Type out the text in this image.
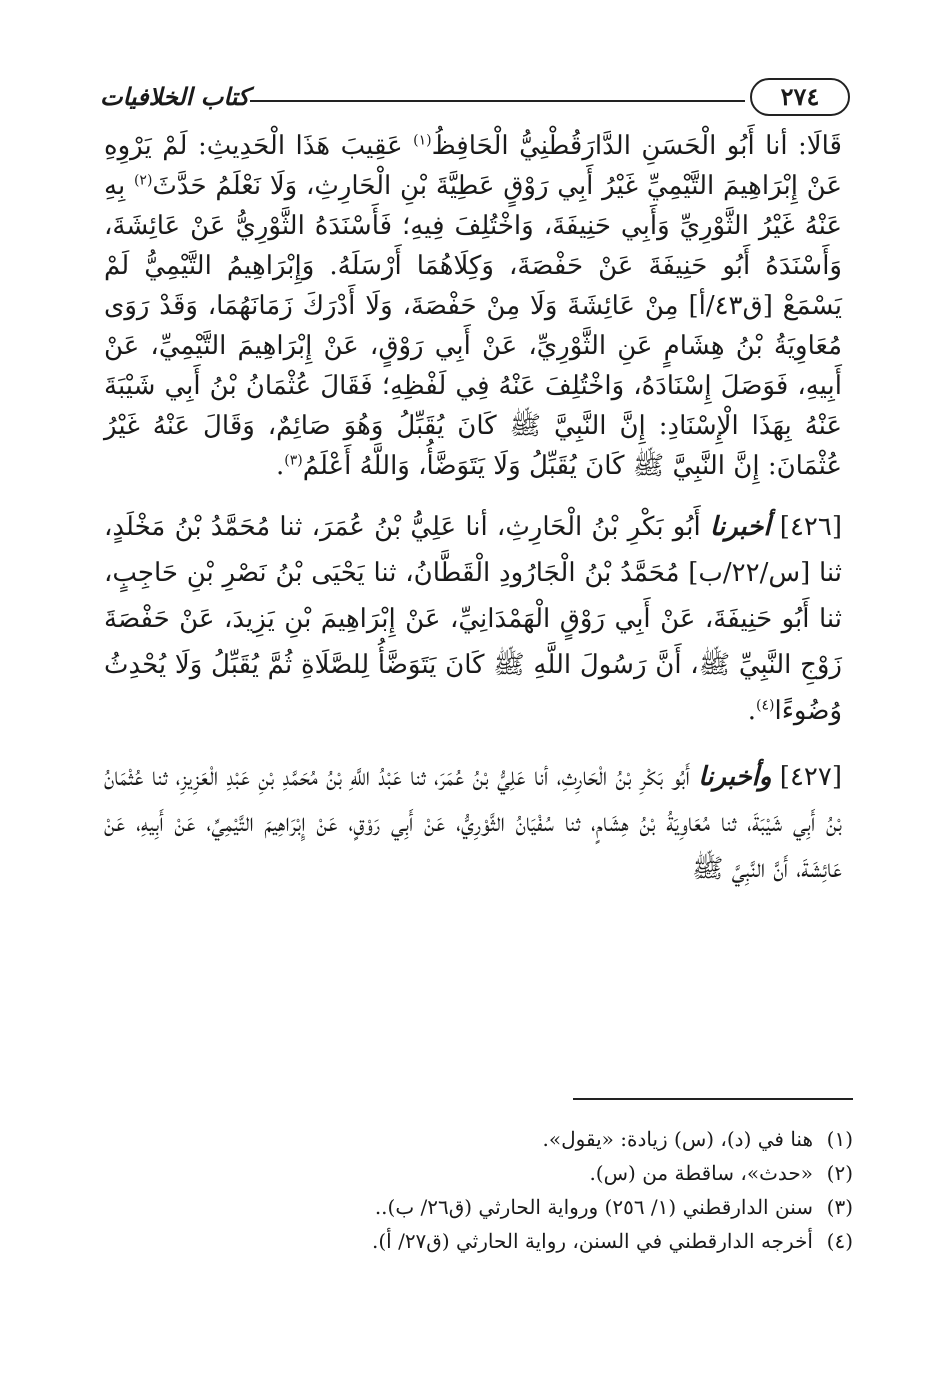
كتاب الخلافيات	٢٧٤

قَالَا: أنا أَبُو الْحَسَنِ الدَّارَقُطْنِيُّ الْحَافِظُ$^{(١)}$ عَقِيبَ هَذَا الْحَدِيثِ: لَمْ يَرْوِهِ عَنْ إِبْرَاهِيمَ التَّيْمِيِّ غَيْرُ أَبِي رَوْقٍ عَطِيَّةَ بْنِ الْحَارِثِ، وَلَا نَعْلَمُ حَدَّثَ$^{(٢)}$ بِهِ عَنْهُ غَيْرُ الثَّوْرِيِّ وَأَبِي حَنِيفَةَ، وَاخْتُلِفَ فِيهِ؛ فَأَسْنَدَهُ الثَّوْرِيُّ عَنْ عَائِشَةَ، وَأَسْنَدَهُ أَبُو حَنِيفَةَ عَنْ حَفْصَةَ، وَكِلَاهُمَا أَرْسَلَهُ. وَإِبْرَاهِيمُ التَّيْمِيُّ لَمْ يَسْمَعْ [ق٤٣/أ] مِنْ عَائِشَةَ وَلَا مِنْ حَفْصَةَ، وَلَا أَدْرَكَ زَمَانَهُمَا، وَقَدْ رَوَى مُعَاوِيَةُ بْنُ هِشَامٍ عَنِ الثَّوْرِيِّ، عَنْ أَبِي رَوْقٍ، عَنْ إِبْرَاهِيمَ التَّيْمِيِّ، عَنْ أَبِيهِ، فَوَصَلَ إِسْنَادَهُ، وَاخْتُلِفَ عَنْهُ فِي لَفْظِهِ؛ فَقَالَ عُثْمَانُ بْنُ أَبِي شَيْبَةَ عَنْهُ بِهَذَا الْإِسْنَادِ: إِنَّ النَّبِيَّ ﷺ كَانَ يُقَبِّلُ وَهُوَ صَائِمٌ، وَقَالَ عَنْهُ غَيْرُ عُثْمَانَ: إِنَّ النَّبِيَّ ﷺ كَانَ يُقَبِّلُ وَلَا يَتَوَضَّأُ، وَاللَّهُ أَعْلَمُ$^{(٣)}$.

[٤٢٦] أخبرنا أَبُو بَكْرِ بْنُ الْحَارِثِ، أنا عَلِيُّ بْنُ عُمَرَ، ثنا مُحَمَّدُ بْنُ مَخْلَدٍ، ثنا [س/٢٢/ب] مُحَمَّدُ بْنُ الْجَارُودِ الْقَطَّانُ، ثنا يَحْيَى بْنُ نَصْرِ بْنِ حَاجِبٍ، ثنا أَبُو حَنِيفَةَ، عَنْ أَبِي رَوْقٍ الْهَمْدَانِيِّ، عَنْ إِبْرَاهِيمَ بْنِ يَزِيدَ، عَنْ حَفْصَةَ زَوْجِ النَّبِيِّ ﷺ، أَنَّ رَسُولَ اللَّهِ ﷺ كَانَ يَتَوَضَّأُ لِلصَّلَاةِ ثُمَّ يُقَبِّلُ وَلَا يُحْدِثُ وُضُوءًا$^{(٤)}$.

[٤٢٧] وأخبرنا أَبُو بَكْرِ بْنُ الْحَارِثِ، أنا عَلِيُّ بْنُ عُمَرَ، ثنا عَبْدُ اللَّهِ بْنُ مُحَمَّدِ بْنِ عَبْدِ الْعَزِيزِ، ثنا عُثْمَانُ بْنُ أَبِي شَيْبَةَ، ثنا مُعَاوِيَةُ بْنُ هِشَامٍ، ثنا سُفْيَانُ الثَّوْرِيُّ، عَنْ أَبِي رَوْقٍ، عَنْ إِبْرَاهِيمَ التَّيْمِيِّ، عَنْ أَبِيهِ، عَنْ عَائِشَةَ، أَنَّ النَّبِيَّ ﷺ

(١)هنا في (د)، (س) زيادة: «يقول».
(٢)«حدث»، ساقطة من (س).
(٣)سنن الدارقطني (١/ ٢٥٦) ورواية الحارثي (ق٢٦/ ب)..
(٤)أخرجه الدارقطني في السنن، رواية الحارثي (ق٢٧/ أ).
